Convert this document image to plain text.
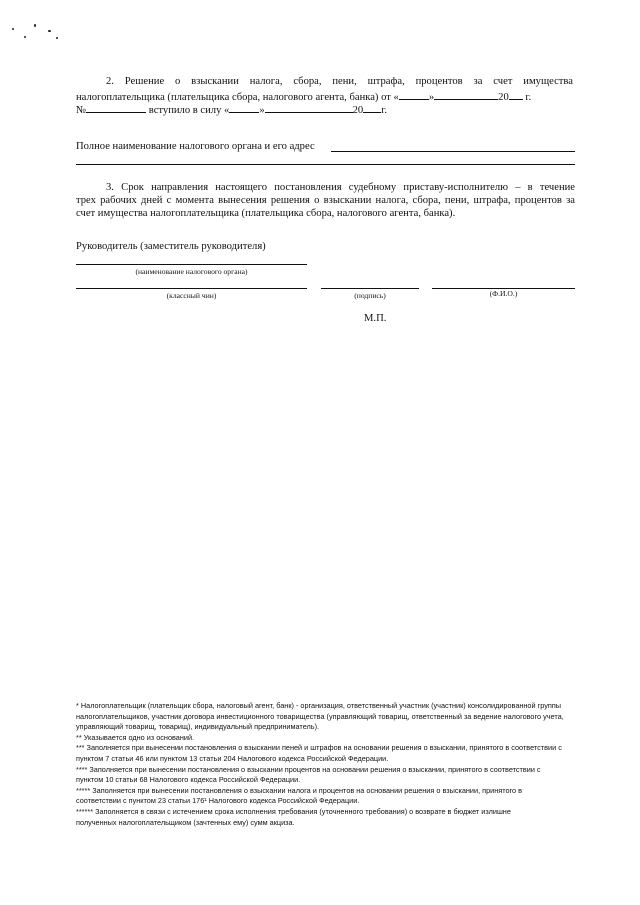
2. Решение о взыскании налога, сбора, пени, штрафа, процентов за счет имущества
налогоплательщика (плательщика сбора, налогового агента, банка) от «	»	20 г.
№	вступило в силу «	»	20 г.
Полное наименование налогового органа и его адрес
3. Срок направления настоящего постановления судебному приставу-исполнителю – в течение
трех рабочих дней с момента вынесения решения о взыскании налога, сбора, пени, штрафа, процентов за
счет имущества налогоплательщика (плательщика сбора, налогового агента, банка).
Руководитель (заместитель руководителя)
(наименование налогового органа)
(классный чин)	(подпись)	(Ф.И.О.)
М.П.
* Налогоплательщик (плательщик сбора, налоговый агент, банк) - организация, ответственный участник (участник) консолидированной группы
налогоплательщиков, участник договора инвестиционного товарищества (управляющий товарищ, ответственный за ведение налогового учета,
управляющий товарищ, товарищ), индивидуальный предприниматель).
** Указывается одно из оснований.
*** Заполняется при вынесении постановления о взыскании пеней и штрафов на основании решения о взыскании, принятого в соответствии с
пунктом 7 статьи 46 или пунктом 13 статьи 204 Налогового кодекса Российской Федерации.
**** Заполняется при вынесении постановления о взыскании процентов на основании решения о взыскании, принятого в соответствии с
пунктом 10 статьи 68 Налогового кодекса Российской Федерации.
***** Заполняется при вынесении постановления о взыскании налога и процентов на основании решения о взыскании, принятого в
соответствии с пунктом 23 статьи 176¹ Налогового кодекса Российской Федерации.
****** Заполняется в связи с истечением срока исполнения требования (уточненного требования) о возврате в бюджет излишне
полученных налогоплательщиком (зачтенных ему) сумм акциза.
